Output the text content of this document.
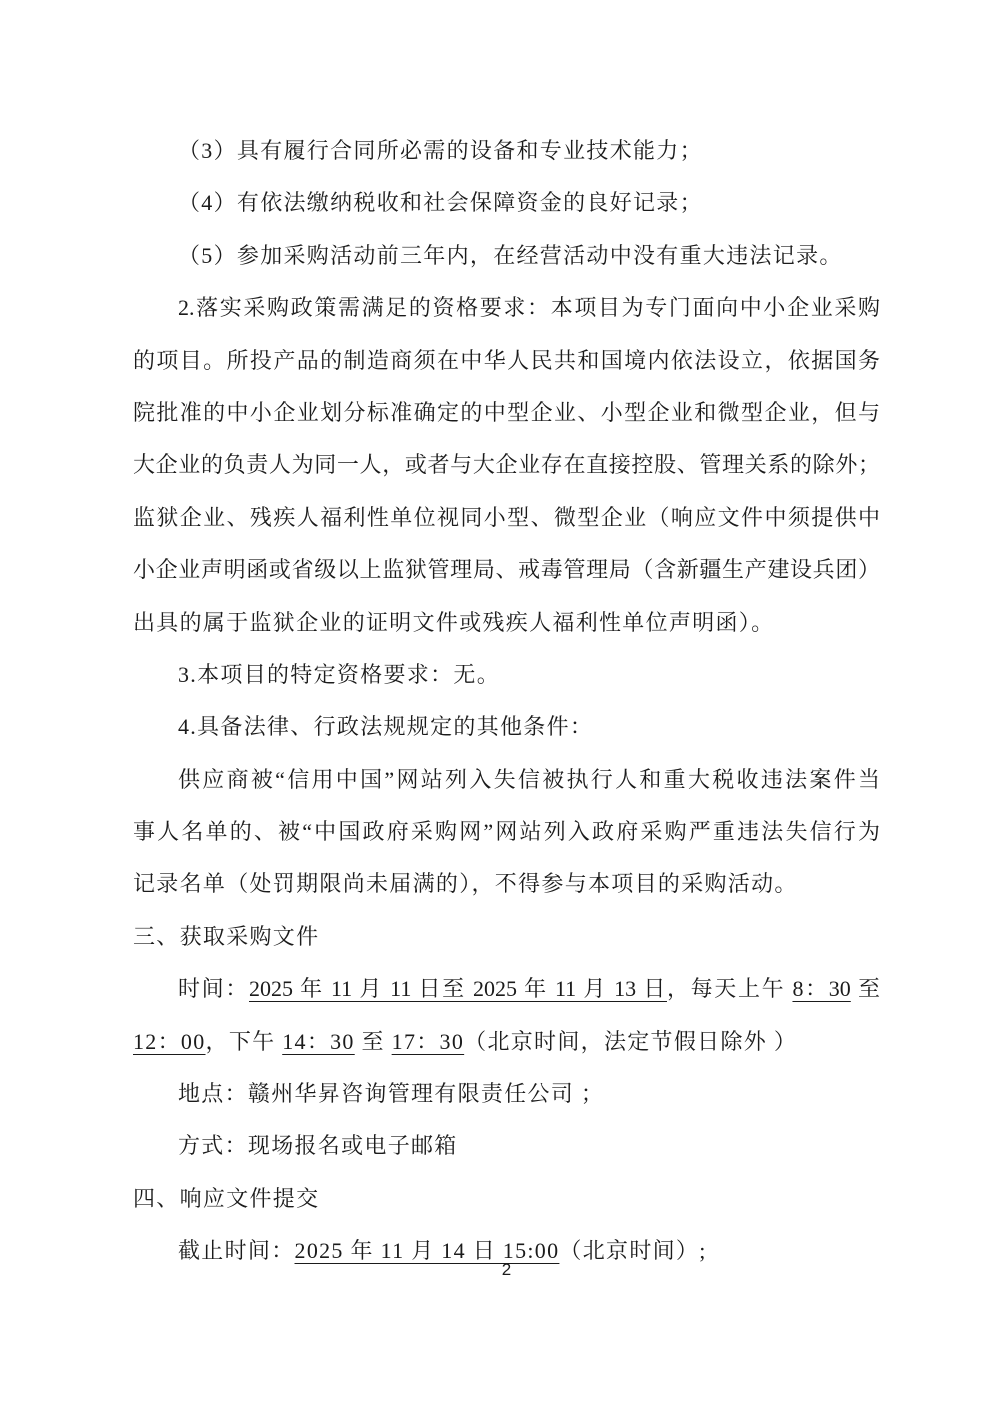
（3）具有履行合同所必需的设备和专业技术能力；
（4）有依法缴纳税收和社会保障资金的良好记录；
（5）参加采购活动前三年内，在经营活动中没有重大违法记录。
2.落实采购政策需满足的资格要求：本项目为专门面向中小企业采购
的项目。所投产品的制造商须在中华人民共和国境内依法设立，依据国务
院批准的中小企业划分标准确定的中型企业、小型企业和微型企业，但与
大企业的负责人为同一人，或者与大企业存在直接控股、管理关系的除外；
监狱企业、残疾人福利性单位视同小型、微型企业（响应文件中须提供中
小企业声明函或省级以上监狱管理局、戒毒管理局（含新疆生产建设兵团）
出具的属于监狱企业的证明文件或残疾人福利性单位声明函）。
3.本项目的特定资格要求：无。
4.具备法律、行政法规规定的其他条件：
供应商被“信用中国”网站列入失信被执行人和重大税收违法案件当
事人名单的、被“中国政府采购网”网站列入政府采购严重违法失信行为
记录名单（处罚期限尚未届满的），不得参与本项目的采购活动。
三、获取采购文件
时间：2025 年 11 月 11 日至 2025 年 11 月 13 日，每天上午 8：30 至
12：00，下午 14：30 至 17：30（北京时间，法定节假日除外 ）
地点：赣州华昇咨询管理有限责任公司 ；
方式：现场报名或电子邮箱
四、响应文件提交
截止时间：2025 年 11 月 14 日 15:00（北京时间）;
2
